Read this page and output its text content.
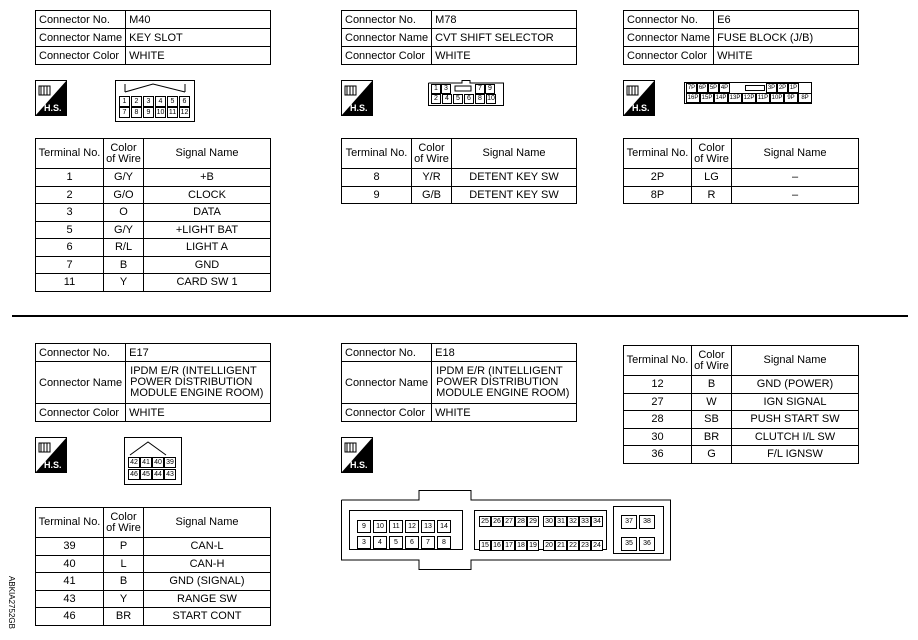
Connector No.	M40
Connector Name	KEY SLOT
Connector Color	WHITE
H.S.
1	2	3	4	5	6
7	8	9 10 11 12
Terminal No.	Color of Wire	Signal Name
1	G/Y	+B
2	G/O	CLOCK
3	O	DATA
5	G/Y	+LIGHT BAT
6	R/L	LIGHT A
7	B	GND
11	Y	CARD SW 1
Connector No.	M78
Connector Name	CVT SHIFT SELECTOR
Connector Color	WHITE
H.S.
1 3	7 9
2	4	5	6	8 10
Terminal No.	Color of Wire	Signal Name
8	Y/R	DETENT KEY SW
9	G/B	DETENT KEY SW
Connector No.	E6
Connector Name	FUSE BLOCK (J/B)
Connector Color	WHITE
H.S.
7P 6P 5P 4P	3P 2P 1P
16P 15P 14P 13P 12P 11P 10P 9P	8P
Terminal No.	Color of Wire	Signal Name
2P	LG	–
8P	R	–
Connector No.	E17
Connector Name	IPDM E/R (INTELLIGENT POWER DISTRIBUTION MODULE ENGINE ROOM)
Connector Color	WHITE
H.S.	42 41 40 39
46 45 44 43
Terminal No.	Color of Wire	Signal Name
39	P	CAN-L
40	L	CAN-H
41	B	GND (SIGNAL)
43	Y	RANGE SW
46	BR	START CONT
Connector No.	E18
Connector Name	IPDM E/R (INTELLIGENT POWER DISTRIBUTION MODULE ENGINE ROOM)
Connector Color	WHITE
H.S.
9	10	11	12	13	14
3	4	5	6	7	8
25 26 27 28 29	30 31 32 33 34
15 16 17 18 19	20 21 22 23 24
37	38
35	36
Terminal No.	Color of Wire	Signal Name
12	B	GND (POWER)
27	W	IGN SIGNAL
28	SB	PUSH START SW
30	BR	CLUTCH I/L SW
36	G	F/L IGNSW
ABKIA2752GB
